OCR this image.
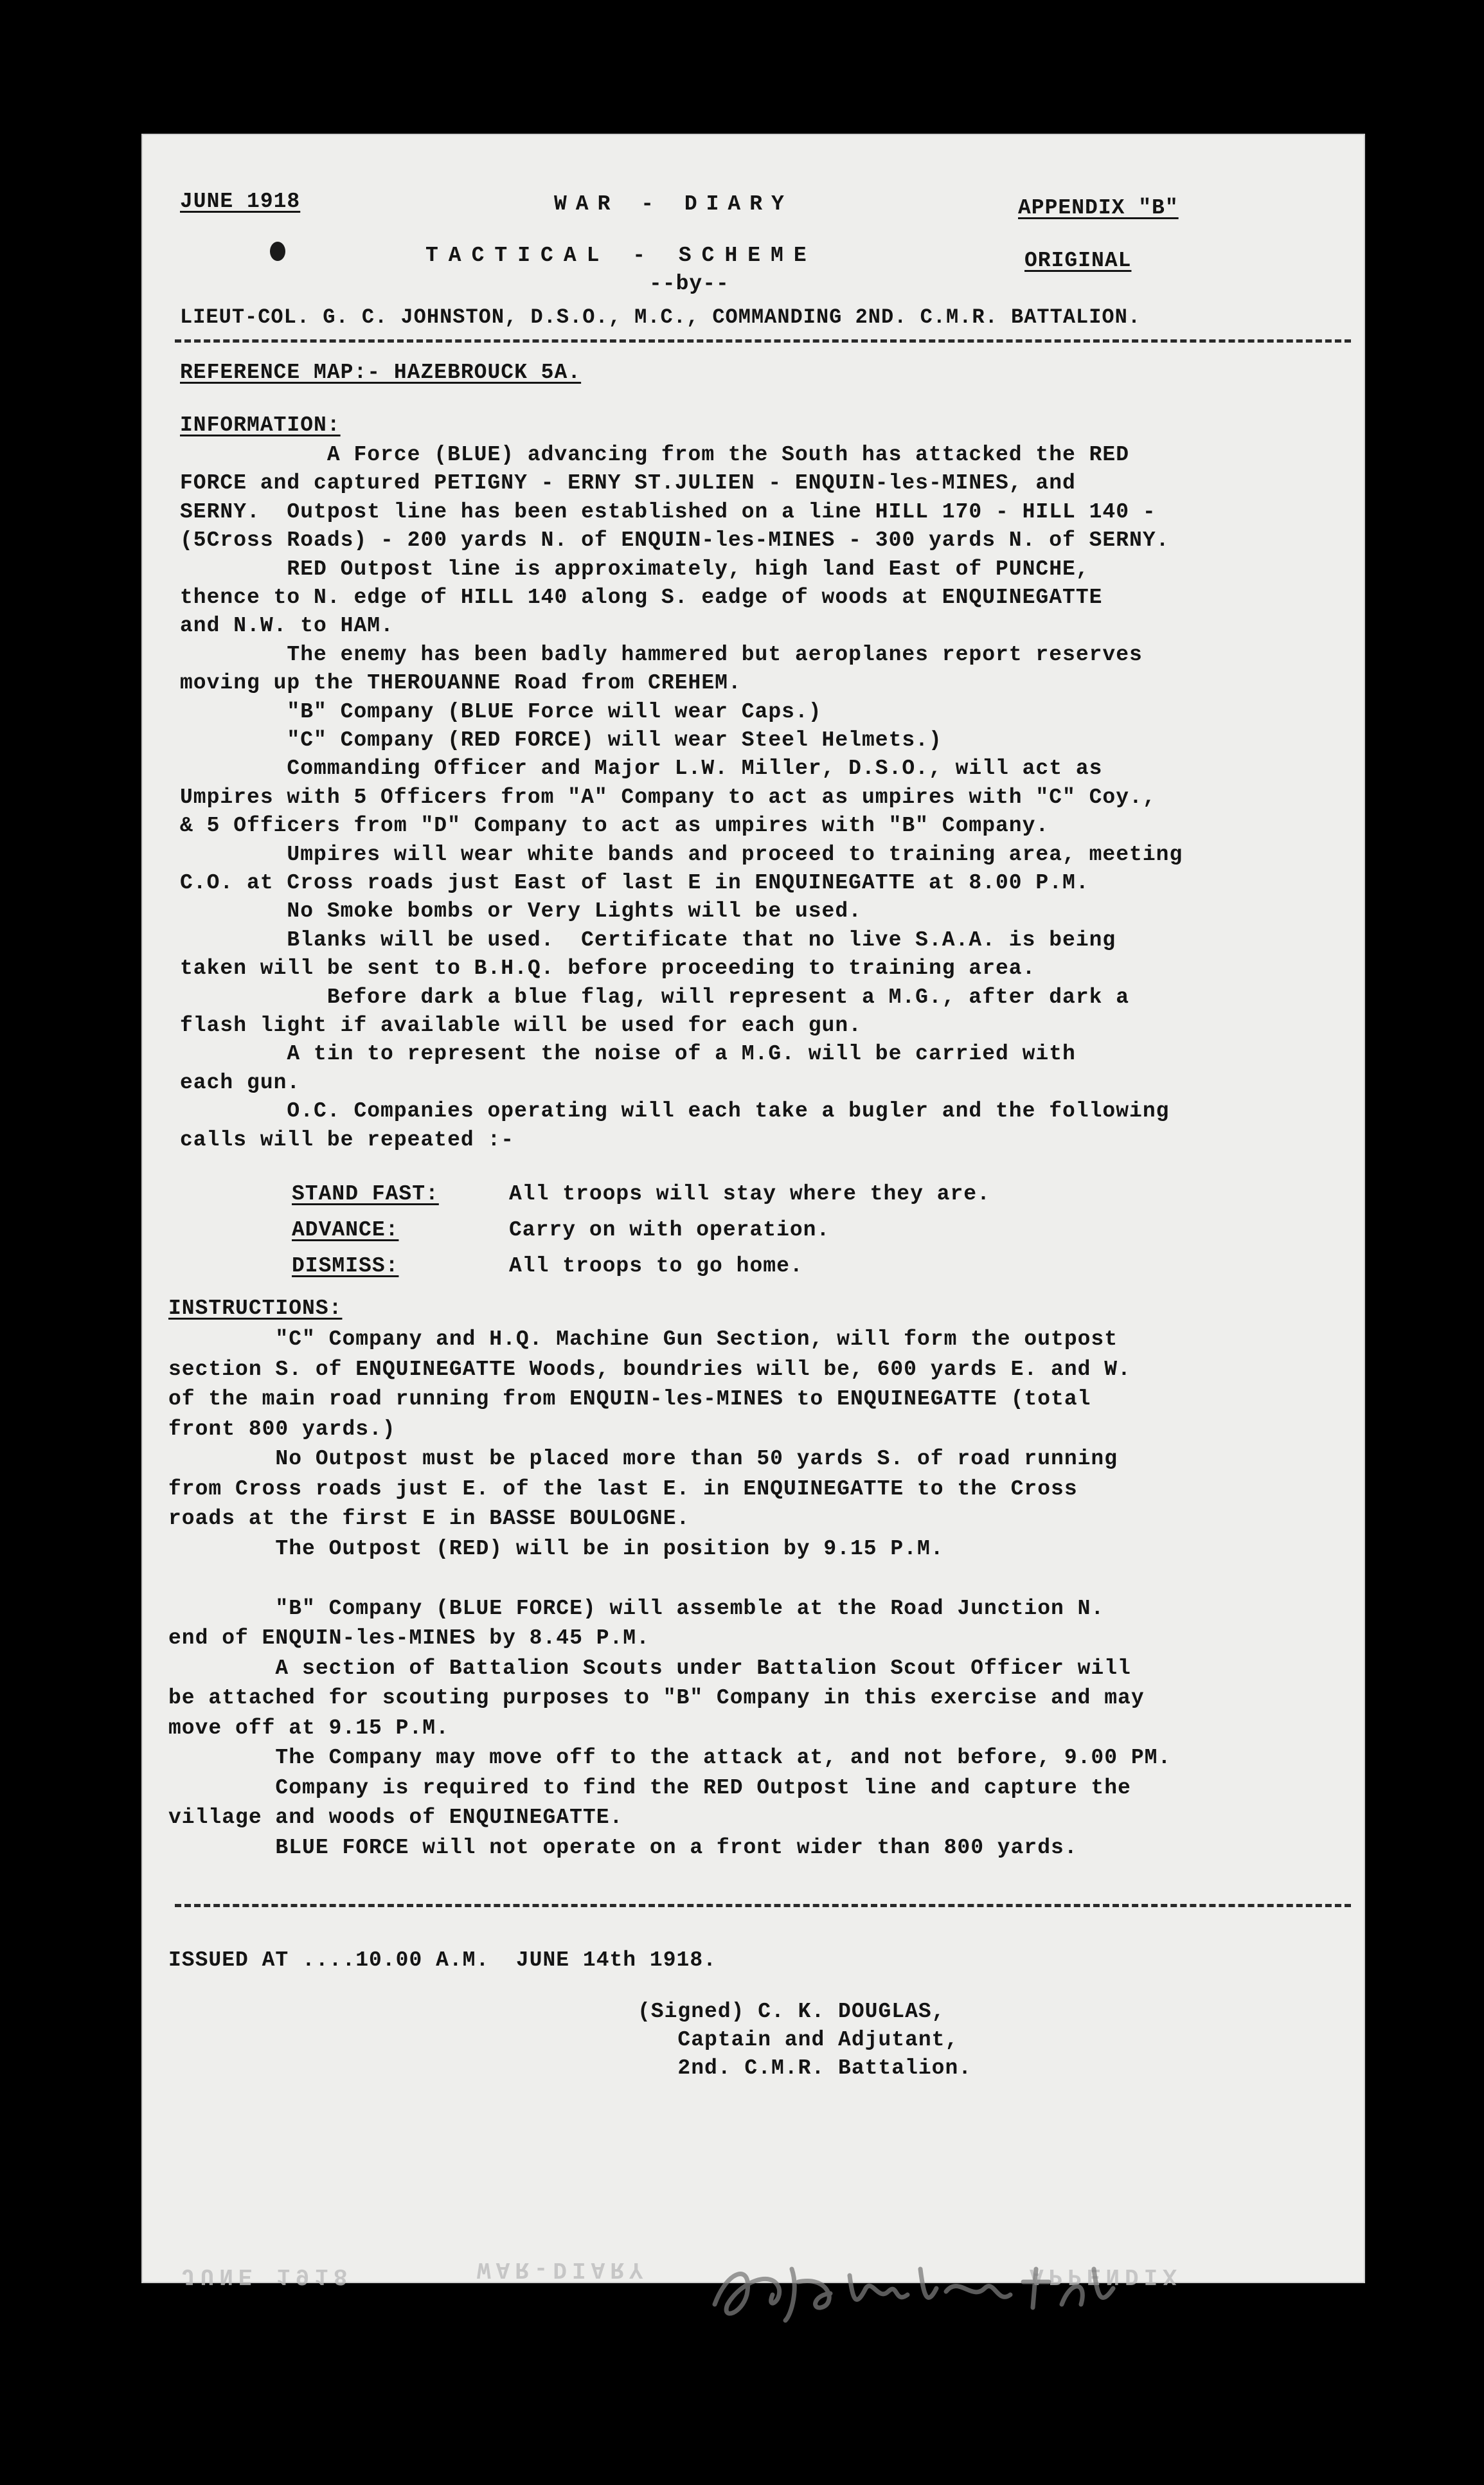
JUNE 1918	WAR - DIARY	APPENDIX "B"
TACTICAL - SCHEME	ORIGINAL
--by--
LIEUT-COL. G. C. JOHNSTON, D.S.O., M.C., COMMANDING 2ND. C.M.R. BATTALION.
REFERENCE MAP:- HAZEBROUCK 5A.
INFORMATION:
A Force (BLUE) advancing from the South has attacked the RED
FORCE and captured PETIGNY - ERNY ST.JULIEN - ENQUIN-les-MINES, and
SERNY.  Outpost line has been established on a line HILL 170 - HILL 140 -
(5Cross Roads) - 200 yards N. of ENQUIN-les-MINES - 300 yards N. of SERNY.
RED Outpost line is approximately, high land East of PUNCHE,
thence to N. edge of HILL 140 along S. eadge of woods at ENQUINEGATTE
and N.W. to HAM.
The enemy has been badly hammered but aeroplanes report reserves
moving up the THEROUANNE Road from CREHEM.
"B" Company (BLUE Force will wear Caps.)
"C" Company (RED FORCE) will wear Steel Helmets.)
Commanding Officer and Major L.W. Miller, D.S.O., will act as
Umpires with 5 Officers from "A" Company to act as umpires with "C" Coy.,
& 5 Officers from "D" Company to act as umpires with "B" Company.
Umpires will wear white bands and proceed to training area, meeting
C.O. at Cross roads just East of last E in ENQUINEGATTE at 8.00 P.M.
No Smoke bombs or Very Lights will be used.
Blanks will be used.  Certificate that no live S.A.A. is being
taken will be sent to B.H.Q. before proceeding to training area.
Before dark a blue flag, will represent a M.G., after dark a
flash light if available will be used for each gun.
A tin to represent the noise of a M.G. will be carried with
each gun.
O.C. Companies operating will each take a bugler and the following
calls will be repeated :-
STAND FAST:	All troops will stay where they are.
ADVANCE:	Carry on with operation.
DISMISS:	All troops to go home.
INSTRUCTIONS:
"C" Company and H.Q. Machine Gun Section, will form the outpost
section S. of ENQUINEGATTE Woods, boundries will be, 600 yards E. and W.
of the main road running from ENQUIN-les-MINES to ENQUINEGATTE (total
front 800 yards.)
No Outpost must be placed more than 50 yards S. of road running
from Cross roads just E. of the last E. in ENQUINEGATTE to the Cross
roads at the first E in BASSE BOULOGNE.
The Outpost (RED) will be in position by 9.15 P.M.
"B" Company (BLUE FORCE) will assemble at the Road Junction N.
end of ENQUIN-les-MINES by 8.45 P.M.
A section of Battalion Scouts under Battalion Scout Officer will
be attached for scouting purposes to "B" Company in this exercise and may
move off at 9.15 P.M.
The Company may move off to the attack at, and not before, 9.00 PM.
Company is required to find the RED Outpost line and capture the
village and woods of ENQUINEGATTE.
BLUE FORCE will not operate on a front wider than 800 yards.
ISSUED AT ....10.00 A.M.  JUNE 14th 1918.
(Signed) C. K. DOUGLAS,
Captain and Adjutant,
2nd. C.M.R. Battalion.
JUNE 1918	WAR-DIARY	APPENDIX
